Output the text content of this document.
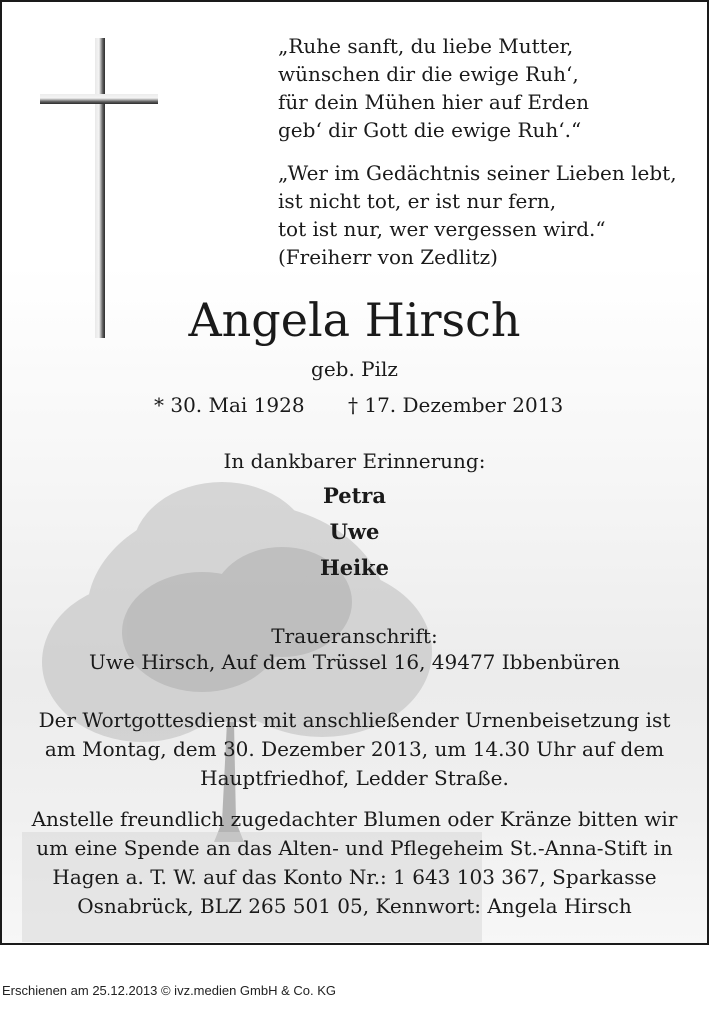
„Ruhe sanft, du liebe Mutter,
wünschen dir die ewige Ruh‘,
für dein Mühen hier auf Erden
geb‘ dir Gott die ewige Ruh‘.“
„Wer im Gedächtnis seiner Lieben lebt,
ist nicht tot, er ist nur fern,
tot ist nur, wer vergessen wird.“
(Freiherr von Zedlitz)
Angela Hirsch
geb. Pilz
* 30. Mai 1928 † 17. Dezember 2013
In dankbarer Erinnerung:
Petra
Uwe
Heike
Traueranschrift:
Uwe Hirsch, Auf dem Trüssel 16, 49477 Ibbenbüren
Der Wortgottesdienst mit anschließender Urnenbeisetzung ist am Montag, dem 30. Dezember 2013, um 14.30 Uhr auf dem Hauptfriedhof, Ledder Straße.
Anstelle freundlich zugedachter Blumen oder Kränze bitten wir um eine Spende an das Alten- und Pflegeheim St.-Anna-Stift in Hagen a. T. W. auf das Konto Nr.: 1 643 103 367, Sparkasse Osnabrück, BLZ 265 501 05, Kennwort: Angela Hirsch
Erschienen am 25.12.2013 © ivz.medien GmbH & Co. KG
